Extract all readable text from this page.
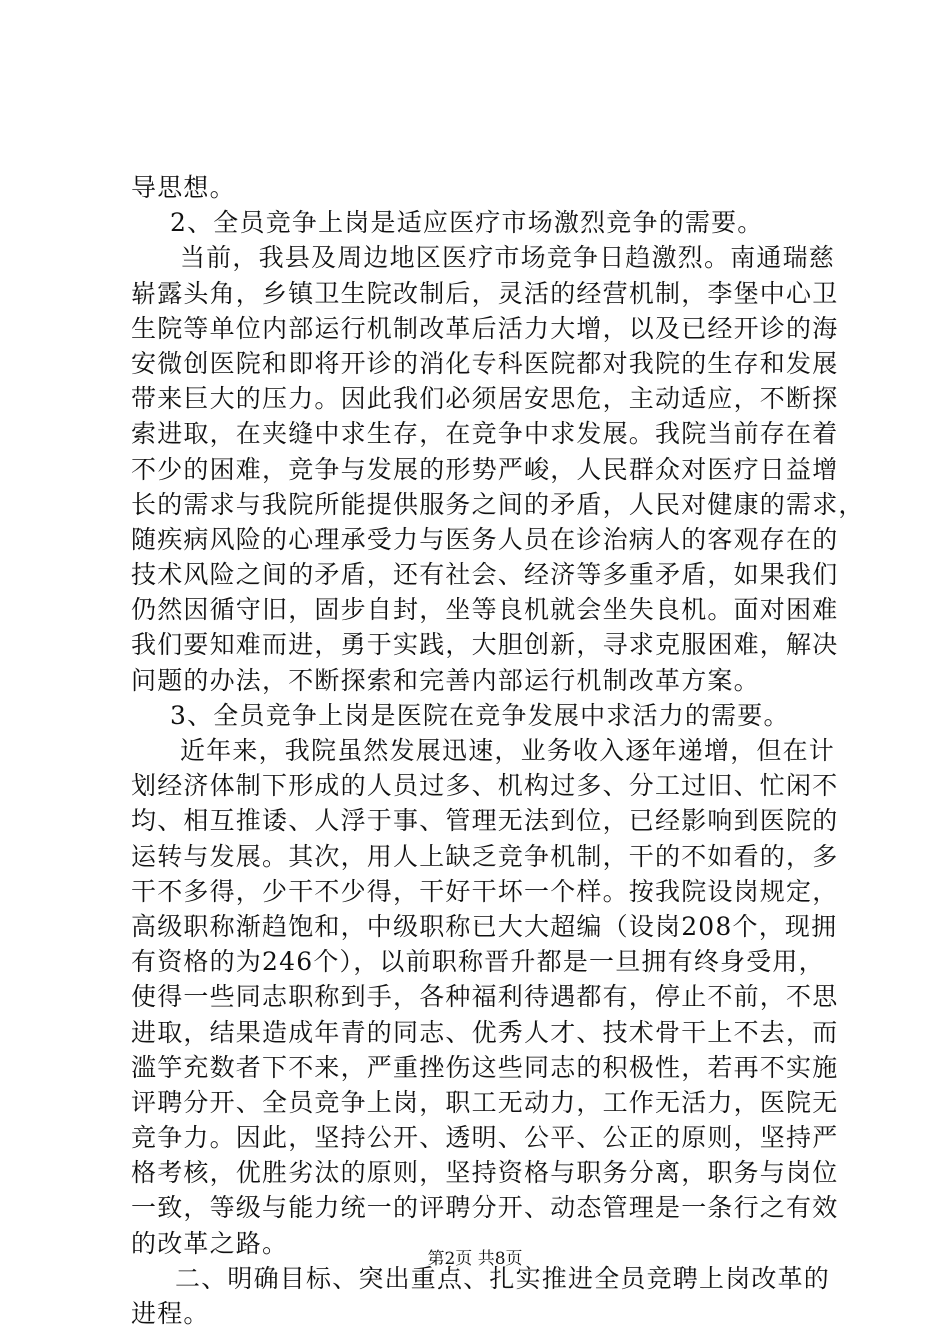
导思想。
2、全员竞争上岗是适应医疗市场激烈竞争的需要。
当前，我县及周边地区医疗市场竞争日趋激烈。南通瑞慈
崭露头角，乡镇卫生院改制后，灵活的经营机制，李堡中心卫
生院等单位内部运行机制改革后活力大增，以及已经开诊的海
安微创医院和即将开诊的消化专科医院都对我院的生存和发展
带来巨大的压力。因此我们必须居安思危，主动适应，不断探
索进取，在夹缝中求生存，在竞争中求发展。我院当前存在着
不少的困难，竞争与发展的形势严峻，人民群众对医疗日益增
长的需求与我院所能提供服务之间的矛盾，人民对健康的需求，
随疾病风险的心理承受力与医务人员在诊治病人的客观存在的
技术风险之间的矛盾，还有社会、经济等多重矛盾，如果我们
仍然因循守旧，固步自封，坐等良机就会坐失良机。面对困难
我们要知难而进，勇于实践，大胆创新，寻求克服困难，解决
问题的办法，不断探索和完善内部运行机制改革方案。
3、全员竞争上岗是医院在竞争发展中求活力的需要。
近年来，我院虽然发展迅速，业务收入逐年递增，但在计
划经济体制下形成的人员过多、机构过多、分工过旧、忙闲不
均、相互推诿、人浮于事、管理无法到位，已经影响到医院的
运转与发展。其次，用人上缺乏竞争机制，干的不如看的，多
干不多得，少干不少得，干好干坏一个样。按我院设岗规定，
高级职称渐趋饱和，中级职称已大大超编（设岗208个，现拥
有资格的为246个），以前职称晋升都是一旦拥有终身受用，
使得一些同志职称到手，各种福利待遇都有，停止不前，不思
进取，结果造成年青的同志、优秀人才、技术骨干上不去，而
滥竽充数者下不来，严重挫伤这些同志的积极性，若再不实施
评聘分开、全员竞争上岗，职工无动力，工作无活力，医院无
竞争力。因此，坚持公开、透明、公平、公正的原则，坚持严
格考核，优胜劣汰的原则，坚持资格与职务分离，职务与岗位
一致，等级与能力统一的评聘分开、动态管理是一条行之有效
的改革之路。
二、明确目标、突出重点、扎实推进全员竞聘上岗改革的
进程。
第2页 共8页
